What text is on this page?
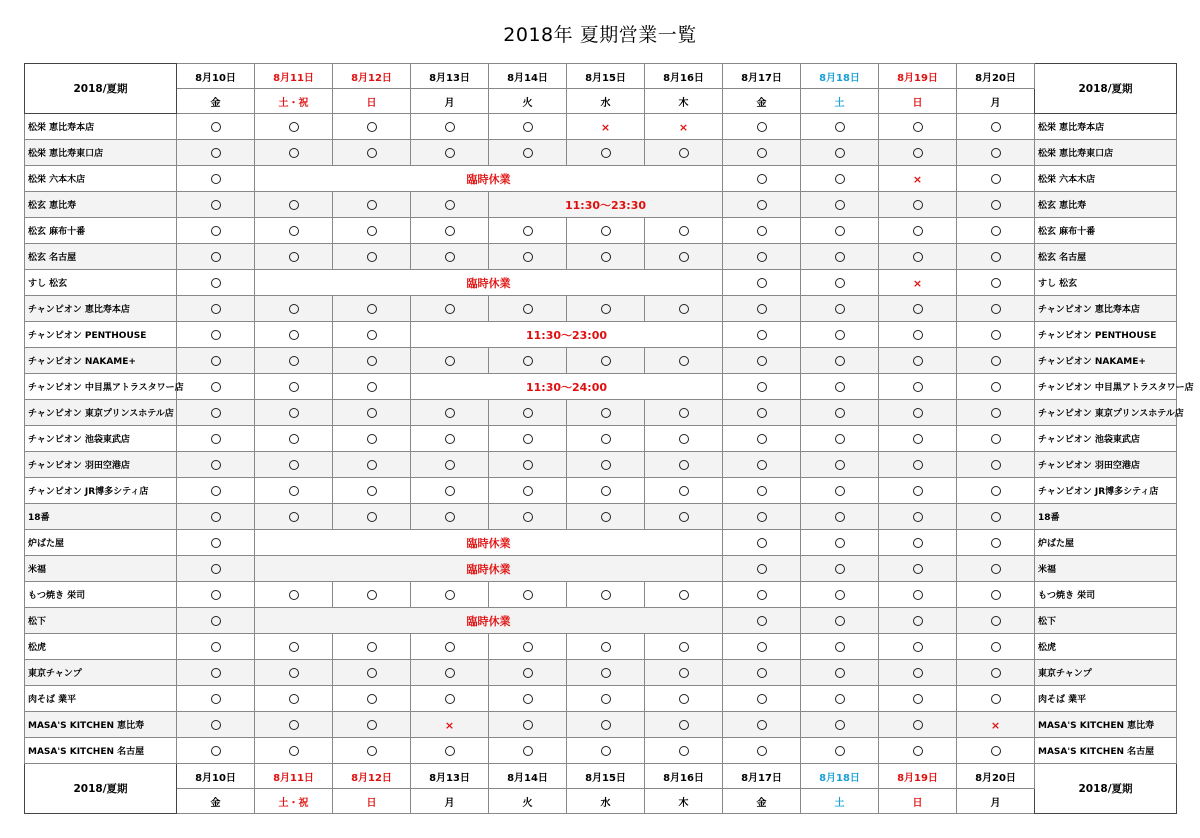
2018年 夏期営業一覧
2018/夏期	8月10日	8月11日	8月12日	8月13日	8月14日	8月15日	8月16日	8月17日	8月18日	8月19日	8月20日	2018/夏期
	金	土・祝	日	月	火	水	木	金	土	日	月	
松栄 恵比寿本店						×	×					松栄 恵比寿本店
松栄 恵比寿東口店												松栄 恵比寿東口店
松栄 六本木店		臨時休業								×		松栄 六本木店
松玄 恵比寿					11:30～23:30							松玄 恵比寿
松玄 麻布十番												松玄 麻布十番
松玄 名古屋												松玄 名古屋
すし 松玄		臨時休業								×		すし 松玄
チャンピオン 恵比寿本店												チャンピオン 恵比寿本店
チャンピオン PENTHOUSE				11:30～23:00								チャンピオン PENTHOUSE
チャンピオン NAKAME+												チャンピオン NAKAME+
チャンピオン 中目黒アトラスタワー店				11:30～24:00								チャンピオン 中目黒アトラスタワー店
チャンピオン 東京プリンスホテル店												チャンピオン 東京プリンスホテル店
チャンピオン 池袋東武店												チャンピオン 池袋東武店
チャンピオン 羽田空港店												チャンピオン 羽田空港店
チャンピオン JR博多シティ店												チャンピオン JR博多シティ店
18番												18番
炉ばた屋		臨時休業										炉ばた屋
米福		臨時休業										米福
もつ焼き 栄司												もつ焼き 栄司
松下		臨時休業										松下
松虎												松虎
東京チャンプ												東京チャンプ
肉そば 業平												肉そば 業平
MASA'S KITCHEN 恵比寿				×							×	MASA'S KITCHEN 恵比寿
MASA'S KITCHEN 名古屋												MASA'S KITCHEN 名古屋
2018/夏期	8月10日	8月11日	8月12日	8月13日	8月14日	8月15日	8月16日	8月17日	8月18日	8月19日	8月20日	2018/夏期
	金	土・祝	日	月	火	水	木	金	土	日	月	
